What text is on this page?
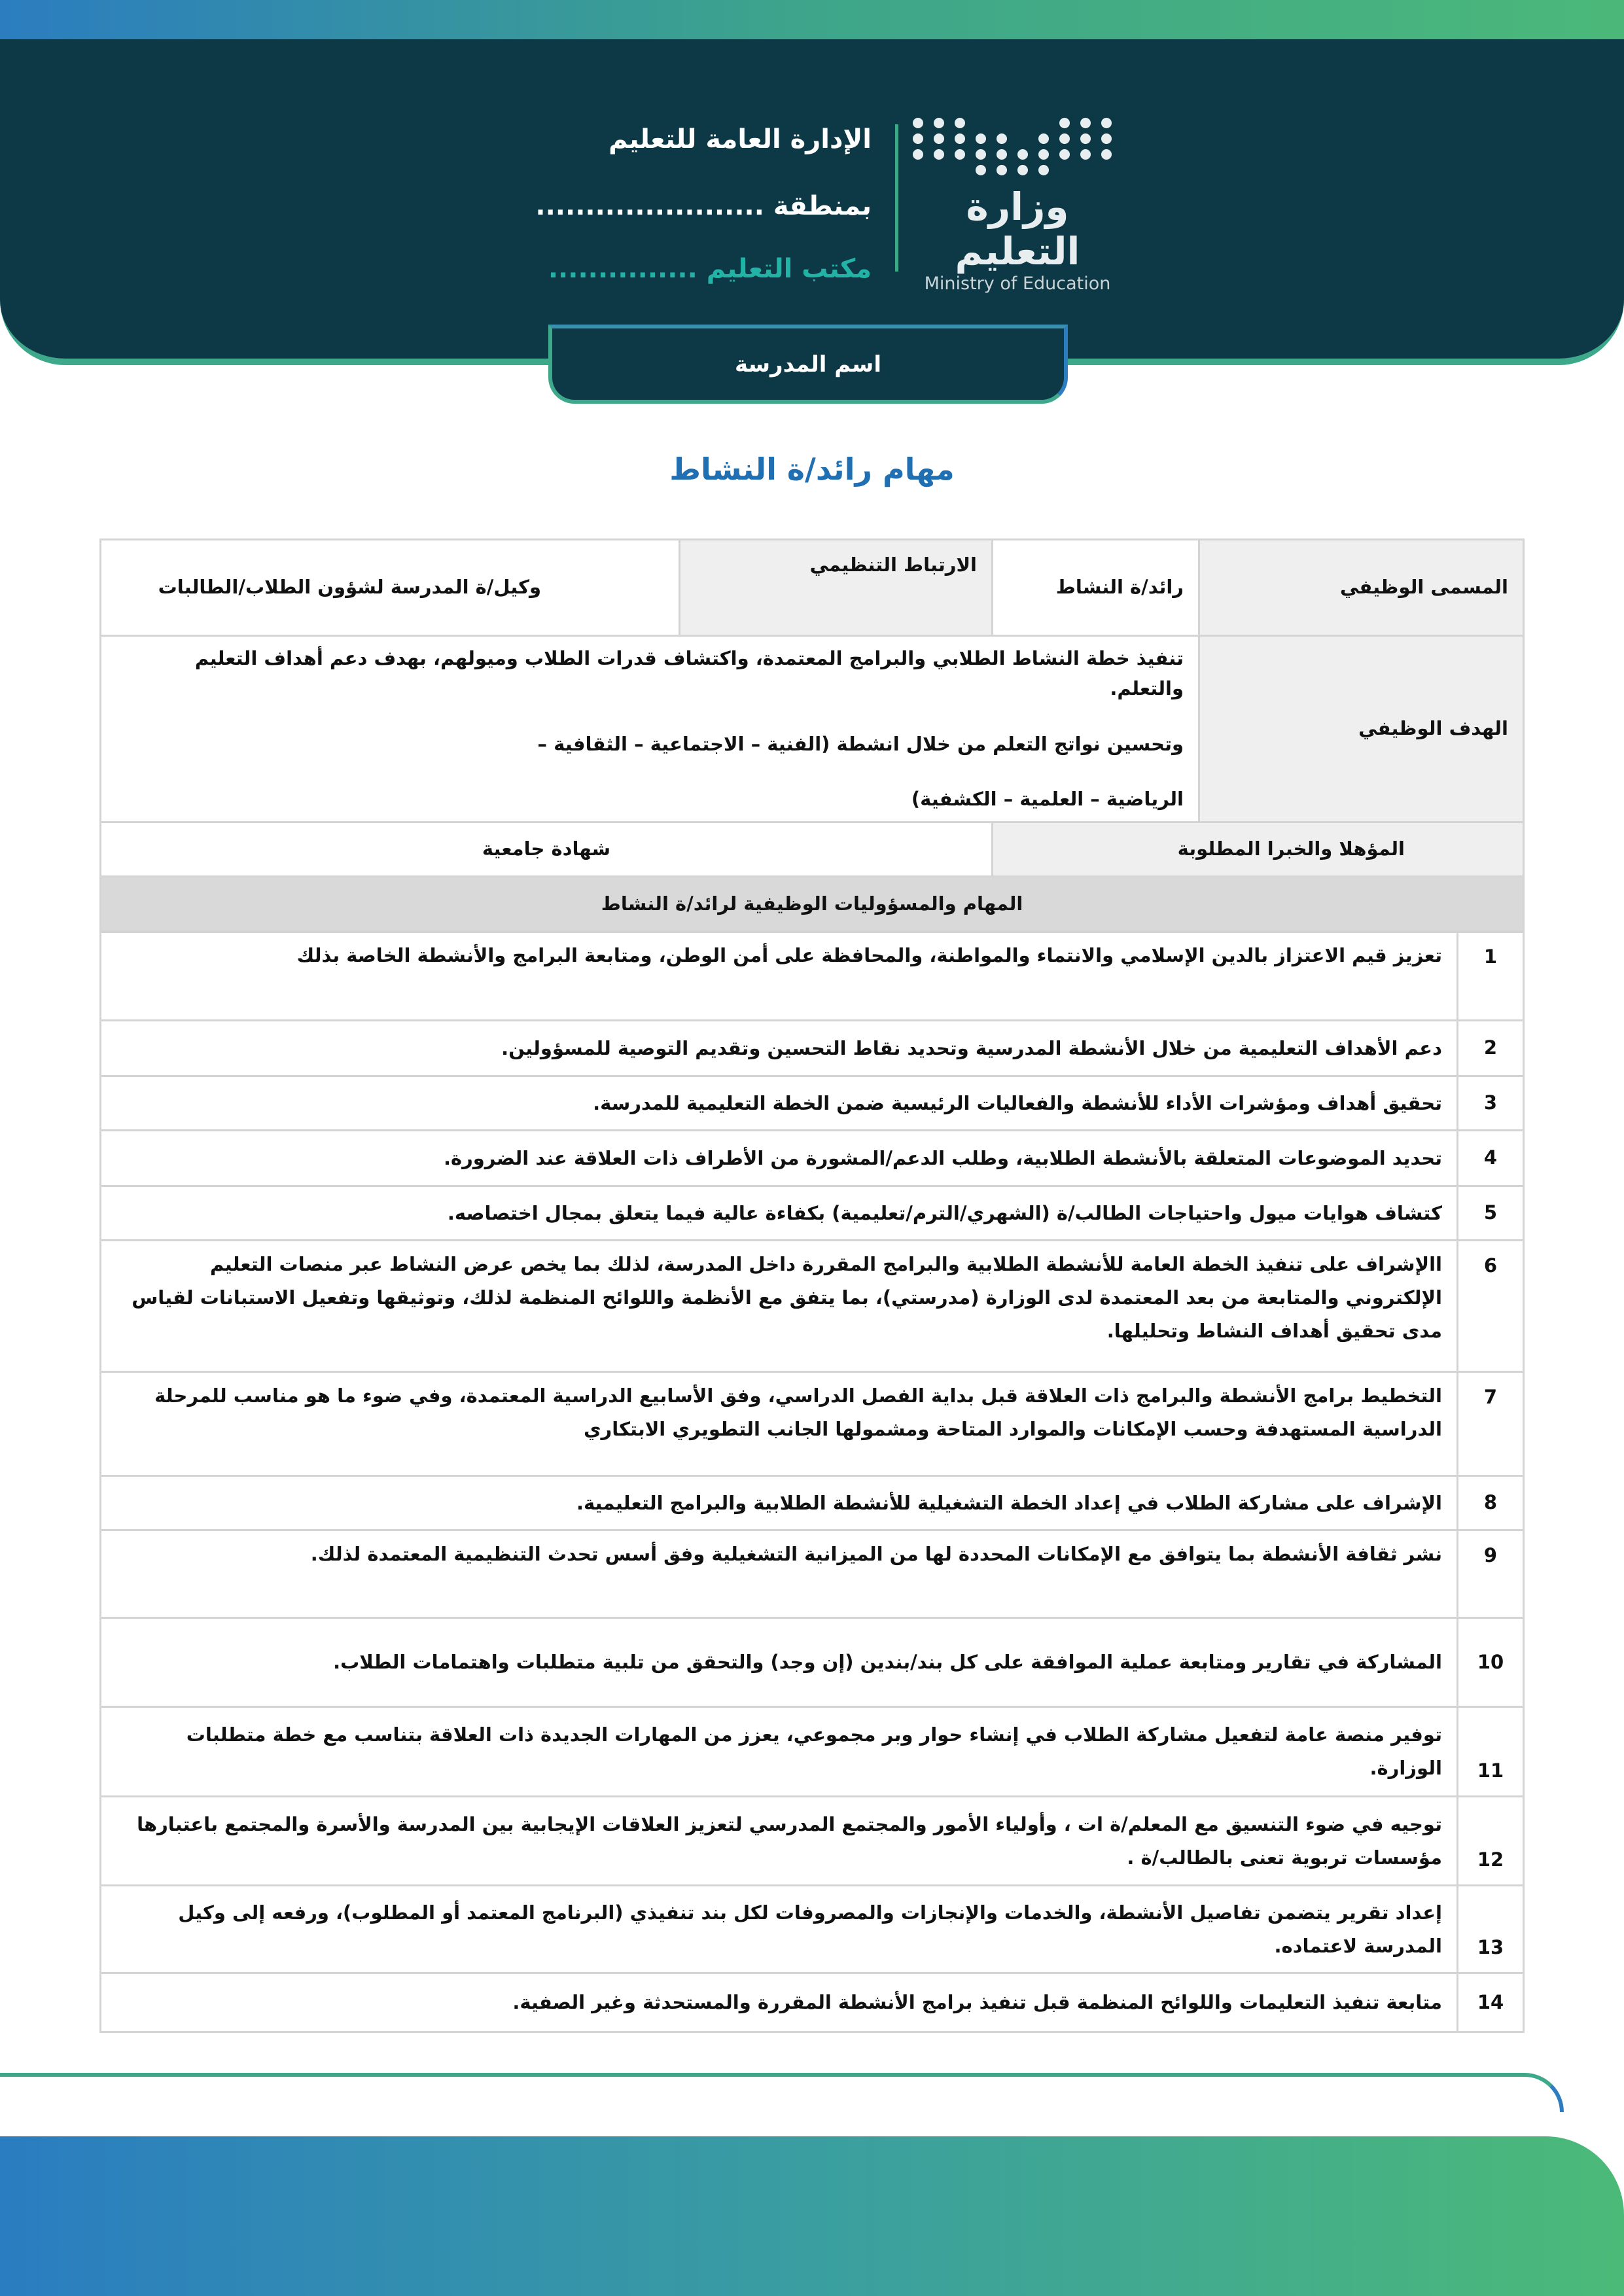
وزارة التعليم
Ministry of Education
الإدارة العامة للتعليم
بمنطقة .......................
مكتب التعليم ...............
اسم المدرسة
مهام رائد/ة النشاط
المسمى الوظيفي	رائد/ة النشاط	الارتباط التنظيمي	وكيل/ة المدرسة لشؤون الطلاب/الطالبات
الهدف الوظيفي	تنفيذ خطة النشاط الطلابي والبرامج المعتمدة، واكتشاف قدرات الطلاب وميولهم، بهدف دعم أهداف التعليم والتعلم.
وتحسين نواتج التعلم من خلال انشطة (الفنية – الاجتماعية – الثقافية –
الرياضية – العلمية – الكشفية)		

المؤهلا والخبرا المطلوبة		شهادة جامعية	
المهام والمسؤوليات الوظيفية لرائد/ة النشاط			
1	تعزيز قيم الاعتزاز بالدين الإسلامي والانتماء والمواطنة، والمحافظة على أمن الوطن، ومتابعة البرامج والأنشطة الخاصة بذلك
2	دعم الأهداف التعليمية من خلال الأنشطة المدرسية وتحديد نقاط التحسين وتقديم التوصية للمسؤولين.
3	تحقيق أهداف ومؤشرات الأداء للأنشطة والفعاليات الرئيسية ضمن الخطة التعليمية للمدرسة.
4	تحديد الموضوعات المتعلقة بالأنشطة الطلابية، وطلب الدعم/المشورة من الأطراف ذات العلاقة عند الضرورة.
5	كتشاف هوايات ميول واحتياجات الطالب/ة (الشهري/الترم/تعليمية) بكفاءة عالية فيما يتعلق بمجال اختصاصه.
6	االإشراف على تنفيذ الخطة العامة للأنشطة الطلابية والبرامج المقررة داخل المدرسة، لذلك بما يخص عرض النشاط عبر منصات التعليم الإلكتروني والمتابعة من بعد المعتمدة لدى الوزارة (مدرستي)، بما يتفق مع الأنظمة واللوائح المنظمة لذلك، وتوثيقها وتفعيل الاستبانات لقياس مدى تحقيق أهداف النشاط وتحليلها.
7	التخطيط برامج الأنشطة والبرامج ذات العلاقة قبل بداية الفصل الدراسي، وفق الأسابيع الدراسية المعتمدة، وفي ضوء ما هو مناسب للمرحلة الدراسية المستهدفة وحسب الإمكانات والموارد المتاحة ومشمولها الجانب التطويري الابتكاري
8	الإشراف على مشاركة الطلاب في إعداد الخطة التشغيلية للأنشطة الطلابية والبرامج التعليمية.
9	نشر ثقافة الأنشطة بما يتوافق مع الإمكانات المحددة لها من الميزانية التشغيلية وفق أسس تحدث التنظيمية المعتمدة لذلك.
10	المشاركة في تقارير ومتابعة عملية الموافقة على كل بند/بندين (إن وجد) والتحقق من تلبية متطلبات واهتمامات الطلاب.
11	توفير منصة عامة لتفعيل مشاركة الطلاب في إنشاء حوار وبر مجموعي، يعزز من المهارات الجديدة ذات العلاقة بتناسب مع خطة متطلبات الوزارة.
12	توجيه في ضوء التنسيق مع المعلم/ة ات ، وأولياء الأمور والمجتمع المدرسي لتعزيز العلاقات الإيجابية بين المدرسة والأسرة والمجتمع باعتبارها مؤسسات تربوية تعنى بالطالب/ة .
13	إعداد تقرير يتضمن تفاصيل الأنشطة، والخدمات والإنجازات والمصروفات لكل بند تنفيذي (البرنامج المعتمد أو المطلوب)، ورفعه إلى وكيل المدرسة لاعتماده.
14	متابعة تنفيذ التعليمات واللوائح المنظمة قبل تنفيذ برامج الأنشطة المقررة والمستحدثة وغير الصفية.
